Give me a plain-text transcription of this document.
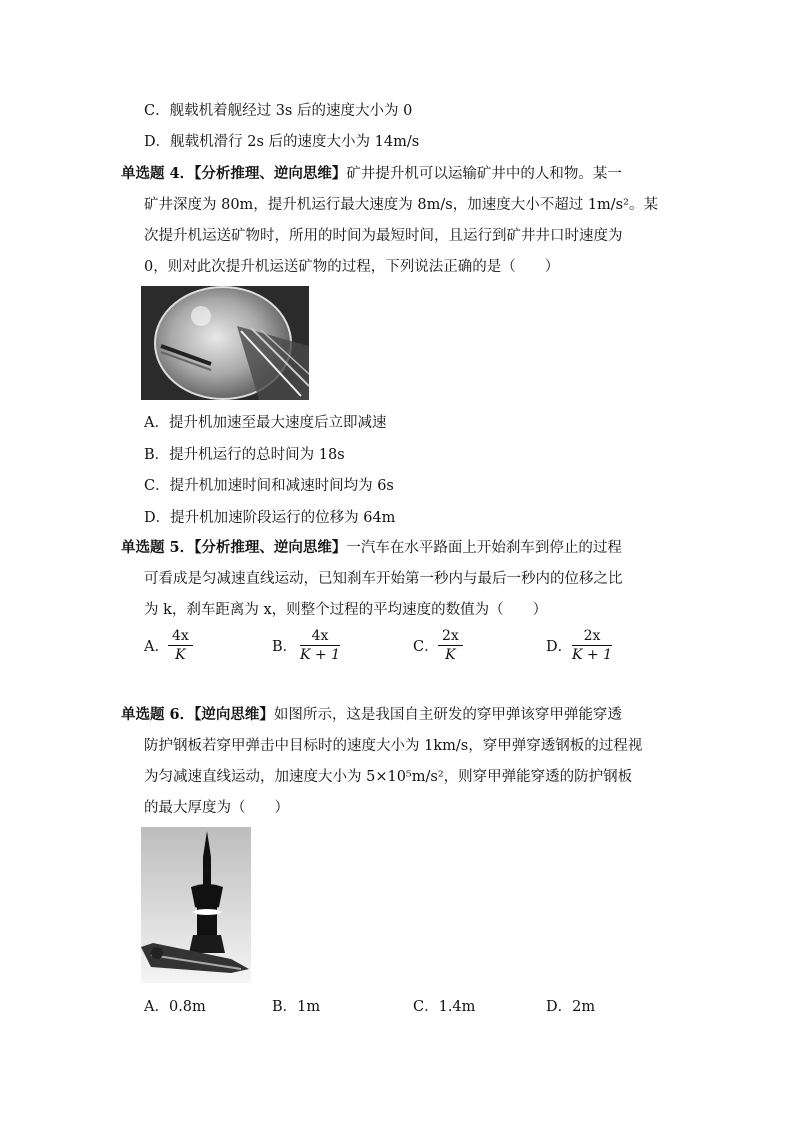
C．舰载机着舰经过 3s 后的速度大小为 0
D．舰载机滑行 2s 后的速度大小为 14m/s
单选题 4．【分析推理、逆向思维】矿井提升机可以运输矿井中的人和物。某一
矿井深度为 80m，提升机运行最大速度为 8m/s，加速度大小不超过 1m/s²。某
次提升机运送矿物时，所用的时间为最短时间，且运行到矿井井口时速度为
0，则对此次提升机运送矿物的过程，下列说法正确的是（　　）
A．提升机加速至最大速度后立即减速
B．提升机运行的总时间为 18s
C．提升机加速时间和减速时间均为 6s
D．提升机加速阶段运行的位移为 64m
单选题 5．【分析推理、逆向思维】一汽车在水平路面上开始刹车到停止的过程
可看成是匀减速直线运动，已知刹车开始第一秒内与最后一秒内的位移之比
为 k，刹车距离为 x，则整个过程的平均速度的数值为（　　）
A． $\frac{4x}{K}$	B． $\frac{4x}{K + 1}$	C． $\frac{2x}{K}$	D． $\frac{2x}{K + 1}$
单选题 6．【逆向思维】如图所示，这是我国自主研发的穿甲弹该穿甲弹能穿透
防护钢板若穿甲弹击中目标时的速度大小为 1km/s，穿甲弹穿透钢板的过程视
为匀减速直线运动，加速度大小为 5×10⁵m/s²，则穿甲弹能穿透的防护钢板
的最大厚度为（　　）
A．0.8m	B．1m	C．1.4m	D．2m
